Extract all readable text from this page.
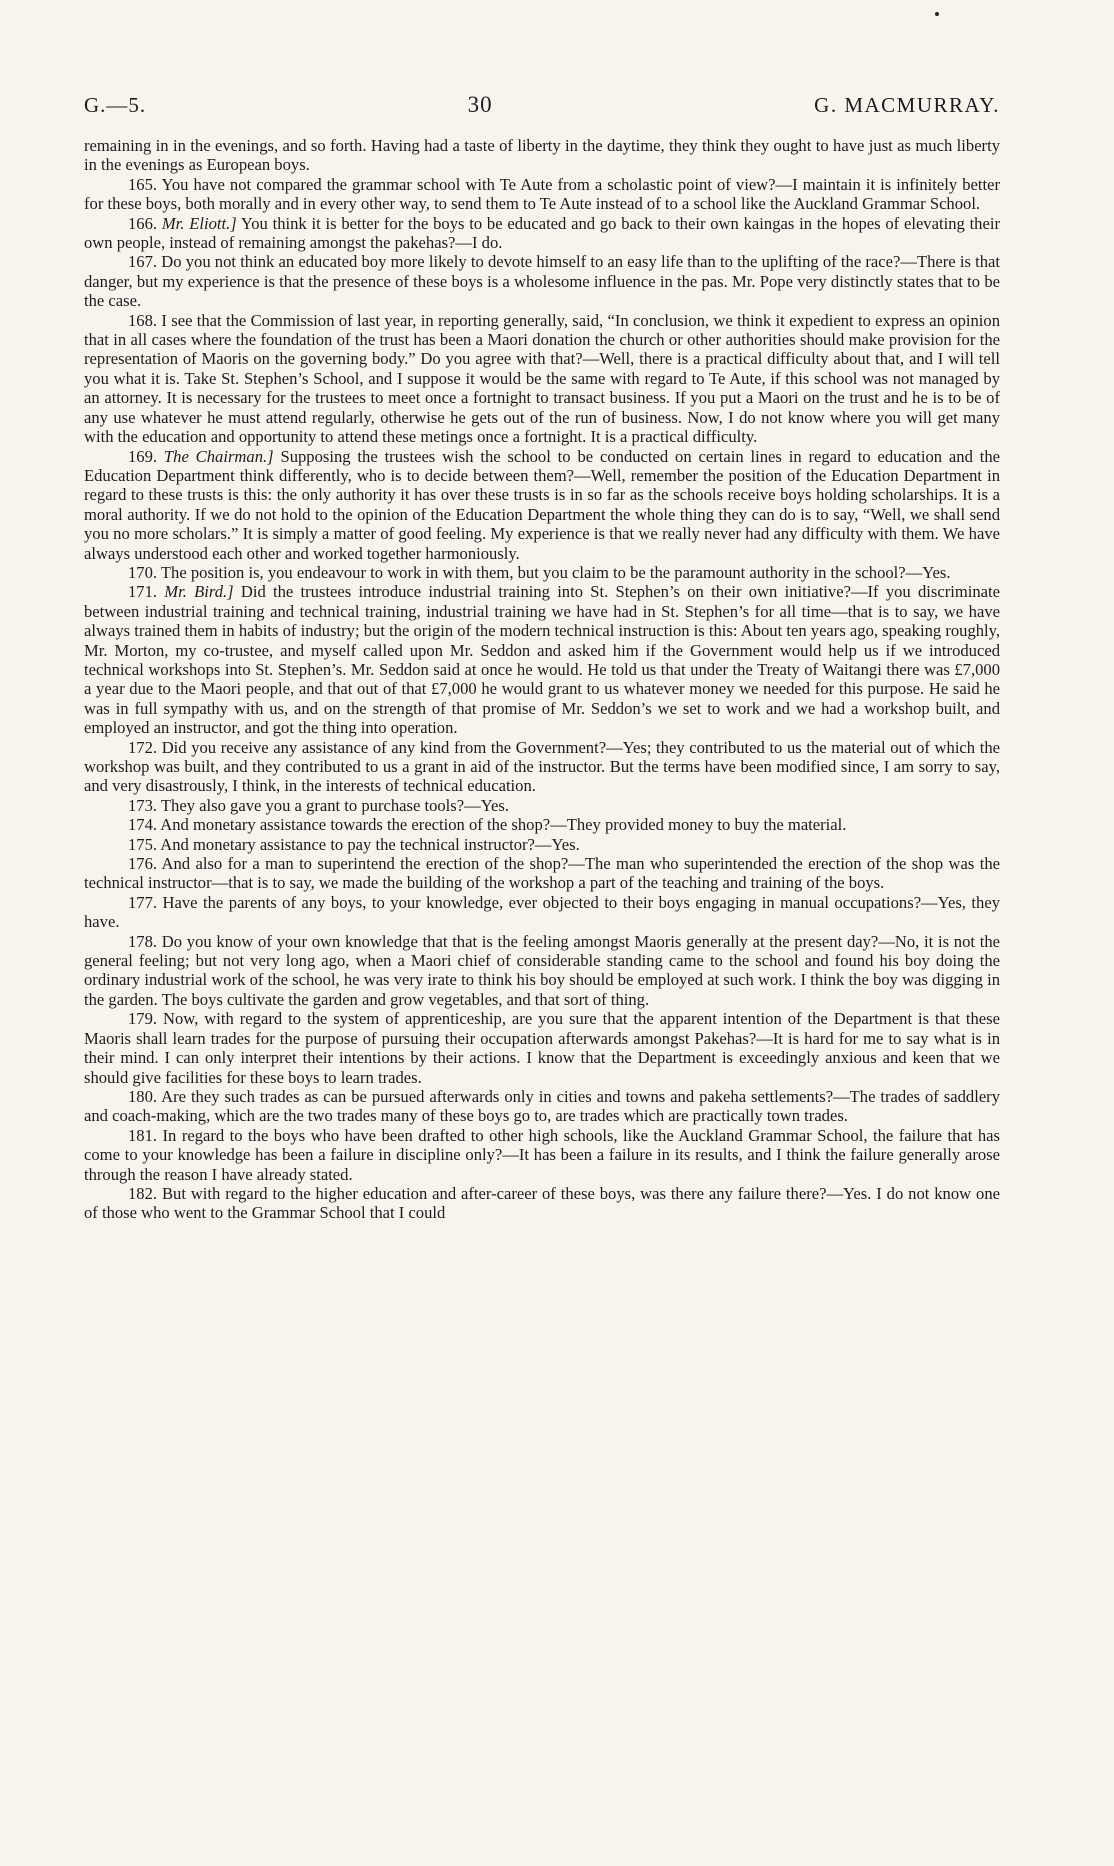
G.—5.	30	G. MACMURRAY.

remaining in in the evenings, and so forth. Having had a taste of liberty in the daytime, they think they ought to have just as much liberty in the evenings as European boys.

165. You have not compared the grammar school with Te Aute from a scholastic point of view?—I maintain it is infinitely better for these boys, both morally and in every other way, to send them to Te Aute instead of to a school like the Auckland Grammar School.

166. Mr. Eliott.] You think it is better for the boys to be educated and go back to their own kaingas in the hopes of elevating their own people, instead of remaining amongst the pakehas?—I do.

167. Do you not think an educated boy more likely to devote himself to an easy life than to the uplifting of the race?—There is that danger, but my experience is that the presence of these boys is a wholesome influence in the pas. Mr. Pope very distinctly states that to be the case.

168. I see that the Commission of last year, in reporting generally, said, “In conclusion, we think it expedient to express an opinion that in all cases where the foundation of the trust has been a Maori donation the church or other authorities should make provision for the representation of Maoris on the governing body.” Do you agree with that?—Well, there is a practical difficulty about that, and I will tell you what it is. Take St. Stephen’s School, and I suppose it would be the same with regard to Te Aute, if this school was not managed by an attorney. It is necessary for the trustees to meet once a fortnight to transact business. If you put a Maori on the trust and he is to be of any use whatever he must attend regularly, otherwise he gets out of the run of business. Now, I do not know where you will get many with the education and opportunity to attend these metings once a fortnight. It is a practical difficulty.

169. The Chairman.] Supposing the trustees wish the school to be conducted on certain lines in regard to education and the Education Department think differently, who is to decide between them?—Well, remember the position of the Education Department in regard to these trusts is this: the only authority it has over these trusts is in so far as the schools receive boys holding scholarships. It is a moral authority. If we do not hold to the opinion of the Education Department the whole thing they can do is to say, “Well, we shall send you no more scholars.” It is simply a matter of good feeling. My experience is that we really never had any difficulty with them. We have always understood each other and worked together harmoniously.

170. The position is, you endeavour to work in with them, but you claim to be the paramount authority in the school?—Yes.

171. Mr. Bird.] Did the trustees introduce industrial training into St. Stephen’s on their own initiative?—If you discriminate between industrial training and technical training, industrial training we have had in St. Stephen’s for all time—that is to say, we have always trained them in habits of industry; but the origin of the modern technical instruction is this: About ten years ago, speaking roughly, Mr. Morton, my co-trustee, and myself called upon Mr. Seddon and asked him if the Government would help us if we introduced technical workshops into St. Stephen’s. Mr. Seddon said at once he would. He told us that under the Treaty of Waitangi there was £7,000 a year due to the Maori people, and that out of that £7,000 he would grant to us whatever money we needed for this purpose. He said he was in full sympathy with us, and on the strength of that promise of Mr. Seddon’s we set to work and we had a workshop built, and employed an instructor, and got the thing into operation.

172. Did you receive any assistance of any kind from the Government?—Yes; they contributed to us the material out of which the workshop was built, and they contributed to us a grant in aid of the instructor. But the terms have been modified since, I am sorry to say, and very disastrously, I think, in the interests of technical education.

173. They also gave you a grant to purchase tools?—Yes.

174. And monetary assistance towards the erection of the shop?—They provided money to buy the material.

175. And monetary assistance to pay the technical instructor?—Yes.

176. And also for a man to superintend the erection of the shop?—The man who superintended the erection of the shop was the technical instructor—that is to say, we made the building of the workshop a part of the teaching and training of the boys.

177. Have the parents of any boys, to your knowledge, ever objected to their boys engaging in manual occupations?—Yes, they have.

178. Do you know of your own knowledge that that is the feeling amongst Maoris generally at the present day?—No, it is not the general feeling; but not very long ago, when a Maori chief of considerable standing came to the school and found his boy doing the ordinary industrial work of the school, he was very irate to think his boy should be employed at such work. I think the boy was digging in the garden. The boys cultivate the garden and grow vegetables, and that sort of thing.

179. Now, with regard to the system of apprenticeship, are you sure that the apparent intention of the Department is that these Maoris shall learn trades for the purpose of pursuing their occupation afterwards amongst Pakehas?—It is hard for me to say what is in their mind. I can only interpret their intentions by their actions. I know that the Department is exceedingly anxious and keen that we should give facilities for these boys to learn trades.

180. Are they such trades as can be pursued afterwards only in cities and towns and pakeha settlements?—The trades of saddlery and coach-making, which are the two trades many of these boys go to, are trades which are practically town trades.

181. In regard to the boys who have been drafted to other high schools, like the Auckland Grammar School, the failure that has come to your knowledge has been a failure in discipline only?—It has been a failure in its results, and I think the failure generally arose through the reason I have already stated.

182. But with regard to the higher education and after-career of these boys, was there any failure there?—Yes. I do not know one of those who went to the Grammar School that I could
